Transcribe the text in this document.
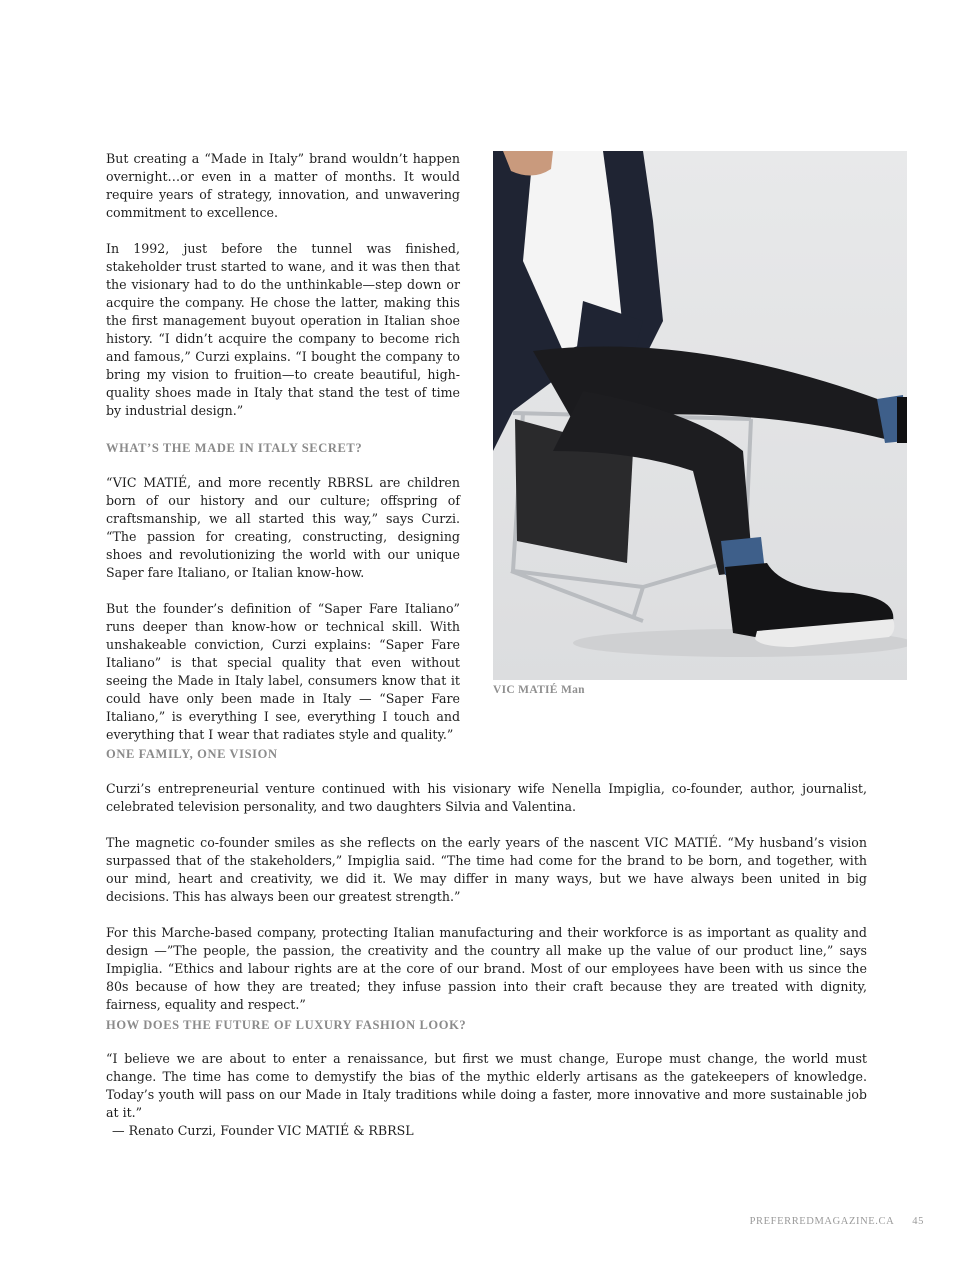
But creating a “Made in Italy” brand wouldn’t happen overnight…or even in a matter of months. It would require years of strategy, innovation, and unwavering commitment to excellence.

In 1992, just before the tunnel was finished, stakeholder trust started to wane, and it was then that the visionary had to do the unthinkable—step down or acquire the company. He chose the latter, making this the first management buyout operation in Italian shoe history. “I didn’t acquire the company to become rich and famous,” Curzi explains. “I bought the company to bring my vision to fruition—to create beautiful, high-quality shoes made in Italy that stand the test of time by industrial design.”

WHAT’S THE MADE IN ITALY SECRET?

“VIC MATIÉ, and more recently RBRSL are children born of our history and our culture; offspring of craftsmanship, we all started this way,” says Curzi. “The passion for creating, constructing, designing shoes and revolutionizing the world with our unique Saper fare Italiano, or Italian know-how.

But the founder’s definition of “Saper Fare Italiano” runs deeper than know-how or technical skill. With unshakeable conviction, Curzi explains: “Saper Fare Italiano” is that special quality that even without seeing the Made in Italy label, consumers know that it could have only been made in Italy — “Saper Fare Italiano,” is everything I see, everything I touch and everything that I wear that radiates style and quality.”

VIC MATIÉ Man
ONE FAMILY, ONE VISION

Curzi’s entrepreneurial venture continued with his visionary wife Nenella Impiglia, co-founder, author, journalist, celebrated television personality, and two daughters Silvia and Valentina.

The magnetic co-founder smiles as she reflects on the early years of the nascent VIC MATIÉ. “My husband’s vision surpassed that of the stakeholders,” Impiglia said. “The time had come for the brand to be born, and together, with our mind, heart and creativity, we did it. We may differ in many ways, but we have always been united in big decisions. This has always been our greatest strength.”

For this Marche-based company, protecting Italian manufacturing and their workforce is as important as quality and design —”The people, the passion, the creativity and the country all make up the value of our product line,” says Impiglia. “Ethics and labour rights are at the core of our brand. Most of our employees have been with us since the 80s because of how they are treated; they infuse passion into their craft because they are treated with dignity, fairness, equality and respect.”

HOW DOES THE FUTURE OF LUXURY FASHION LOOK?

“I believe we are about to enter a renaissance, but first we must change, Europe must change, the world must change. The time has come to demystify the bias of the mythic elderly artisans as the gatekeepers of knowledge. Today’s youth will pass on our Made in Italy traditions while doing a faster, more innovative and more sustainable job at it.”

— Renato Curzi, Founder VIC MATIÉ & RBRSL

PREFERREDMAGAZINE.CA 45
